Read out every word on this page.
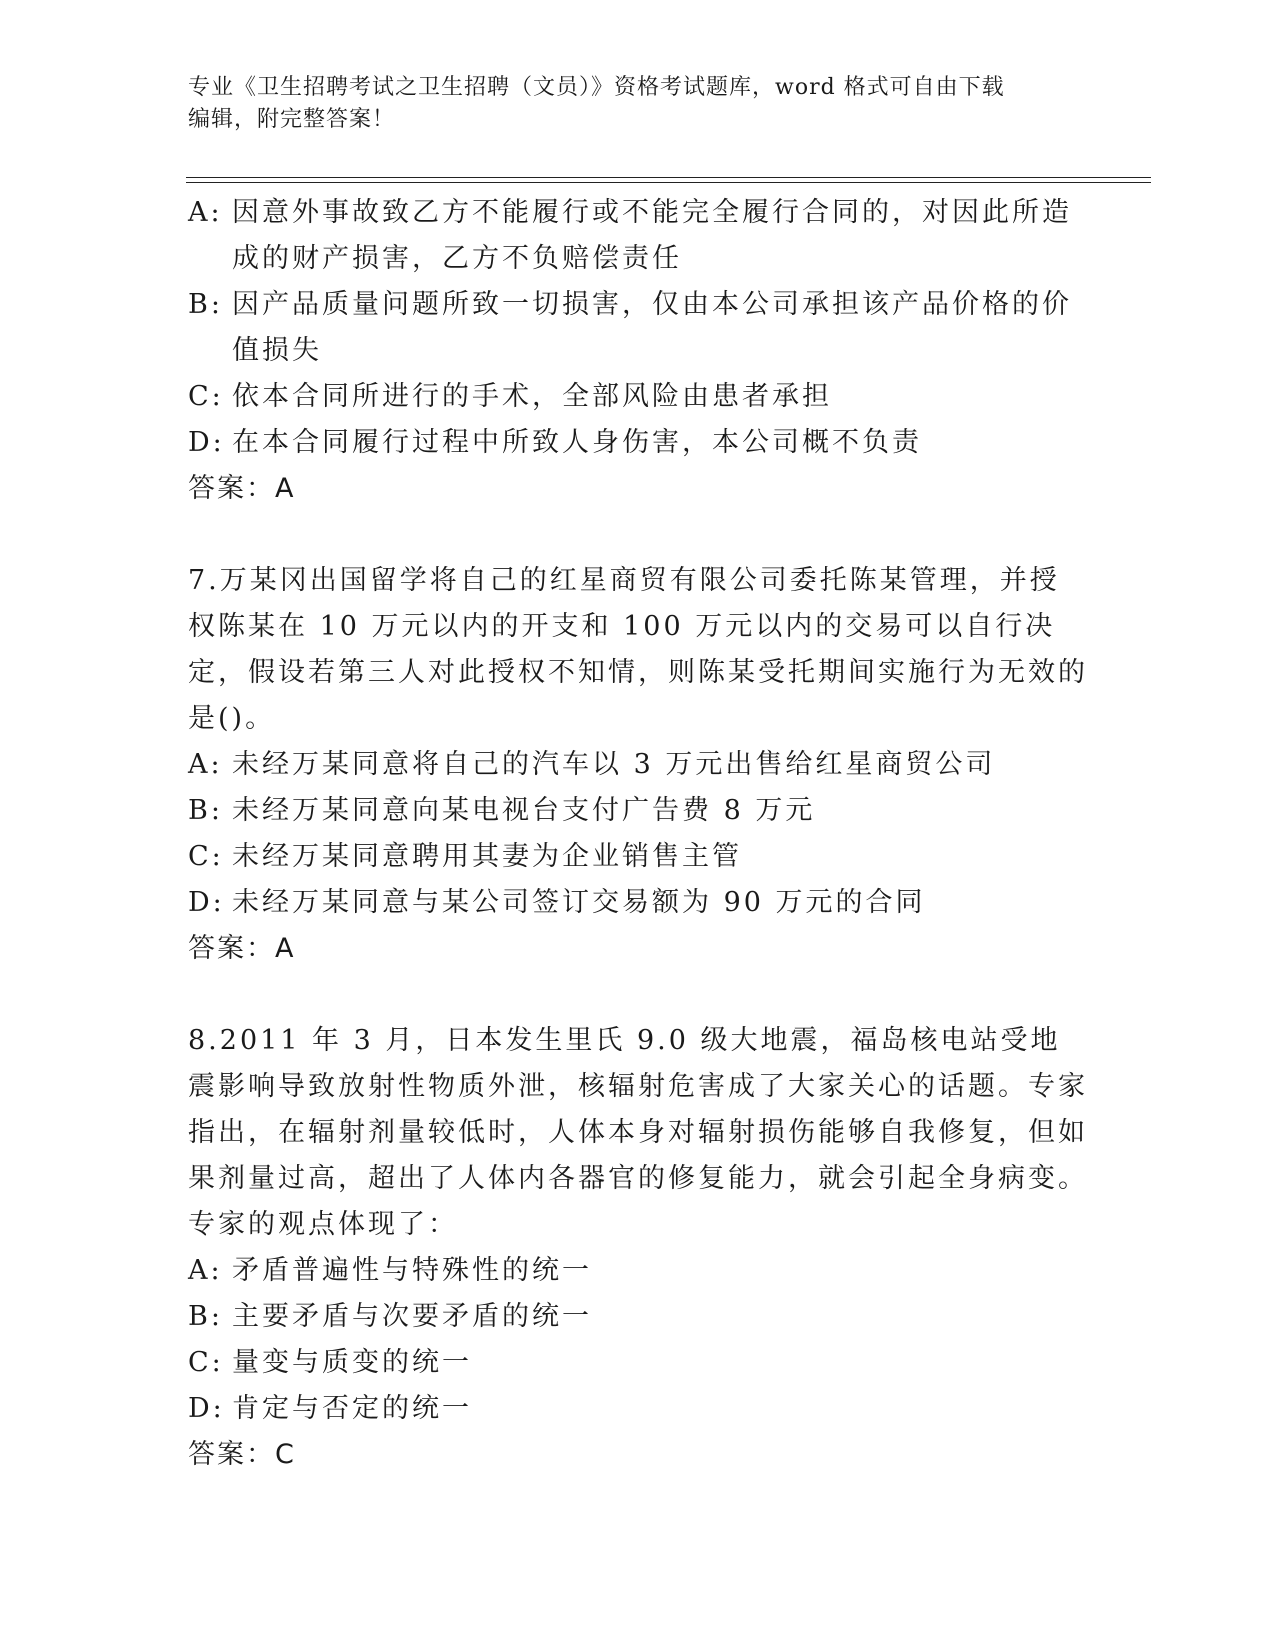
专业《卫生招聘考试之卫生招聘（文员）》资格考试题库，word 格式可自由下载
编辑，附完整答案！
A: 因意外事故致乙方不能履行或不能完全履行合同的，对因此所造成的财产损害，乙方不负赔偿责任
B: 因产品质量问题所致一切损害，仅由本公司承担该产品价格的价值损失
C: 依本合同所进行的手术，全部风险由患者承担
D: 在本合同履行过程中所致人身伤害，本公司概不负责
答案：A
7.万某冈出国留学将自己的红星商贸有限公司委托陈某管理，并授权陈某在 10 万元以内的开支和 100 万元以内的交易可以自行决定，假设若第三人对此授权不知情，则陈某受托期间实施行为无效的是()。
A: 未经万某同意将自己的汽车以 3 万元出售给红星商贸公司
B: 未经万某同意向某电视台支付广告费 8 万元
C: 未经万某同意聘用其妻为企业销售主管
D: 未经万某同意与某公司签订交易额为 90 万元的合同
答案：A
8.2011 年 3 月，日本发生里氏 9.0 级大地震，福岛核电站受地震影响导致放射性物质外泄，核辐射危害成了大家关心的话题。专家指出，在辐射剂量较低时，人体本身对辐射损伤能够自我修复，但如果剂量过高，超出了人体内各器官的修复能力，就会引起全身病变。专家的观点体现了：
A: 矛盾普遍性与特殊性的统一
B: 主要矛盾与次要矛盾的统一
C: 量变与质变的统一
D: 肯定与否定的统一
答案：C
